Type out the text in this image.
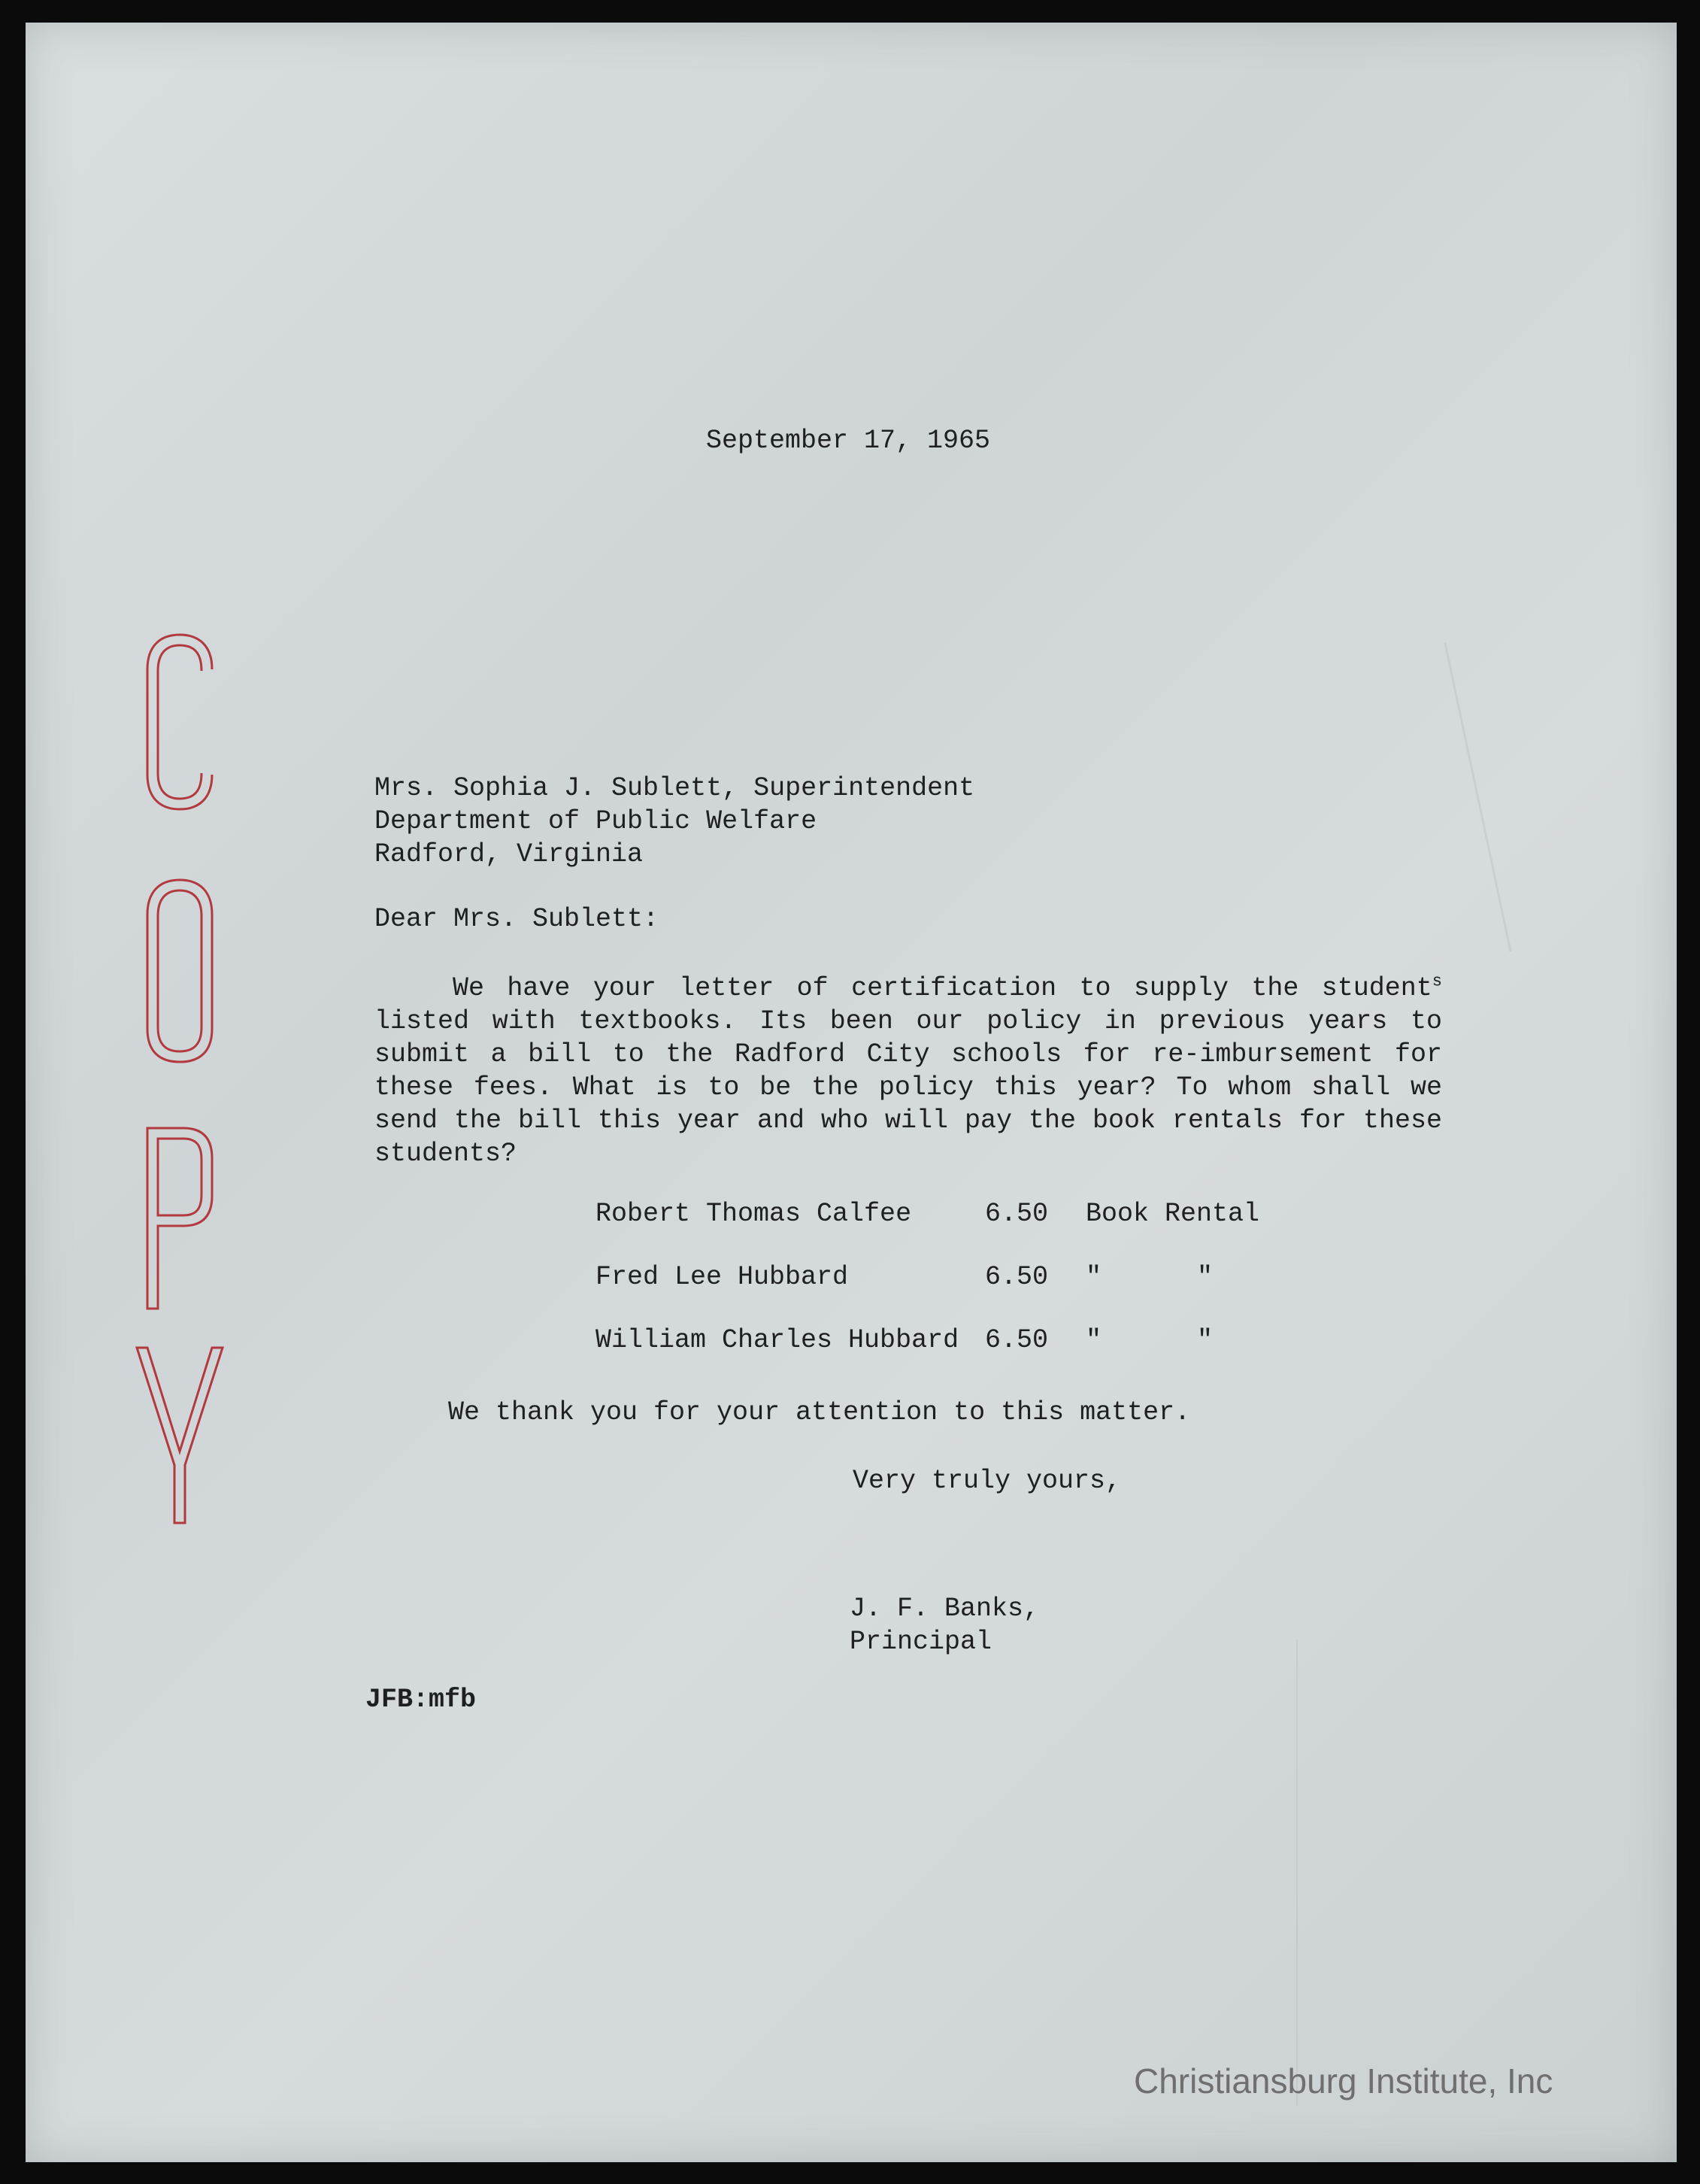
September 17, 1965
Mrs. Sophia J. Sublett, Superintendent
Department of Public Welfare
Radford, Virginia
Dear Mrs. Sublett:
We have your letter of certification to supply the student$^s$ listed with textbooks. Its been our policy in previous years to submit a bill to the Radford City schools for re-imbursement for these fees. What is to be the policy this year? To whom shall we send the bill this year and who will pay the book rentals for these students?
Robert Thomas Calfee	6.50 Book Rental
Fred Lee Hubbard	6.50 "	"
William Charles Hubbard 6.50 "	"
We thank you for your attention to this matter.
Very truly yours,
J. F. Banks,
Principal
JFB:mfb
Christiansburg Institute, Inc
